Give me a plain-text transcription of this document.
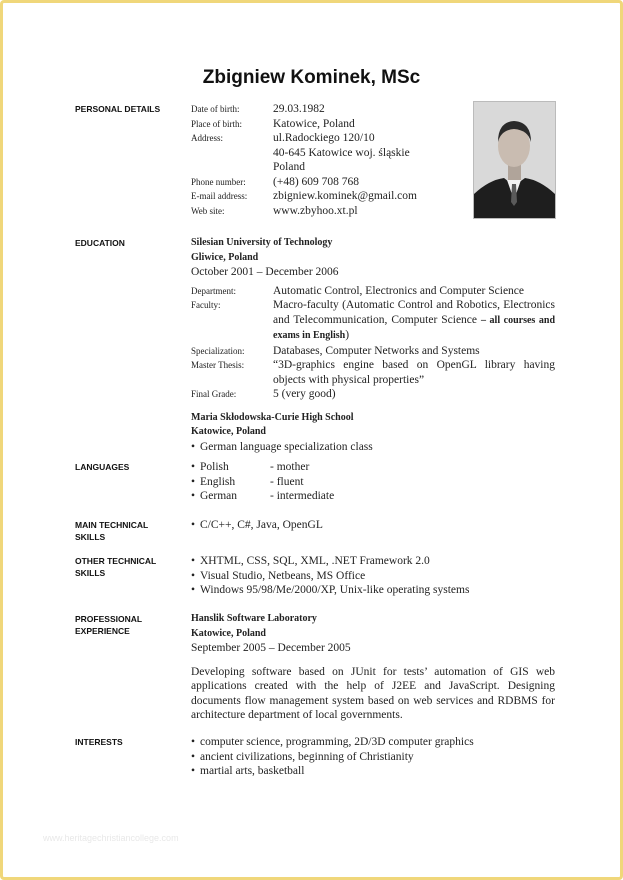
Zbigniew Kominek, MSc
PERSONAL DETAILS	Date of birth:	29.03.1982
Place of birth:	Katowice, Poland
Address:	ul.Radockiego 120/10
40-645 Katowice woj. śląskie
Poland
Phone number:	(+48) 609 708 768
E-mail address:	zbigniew.kominek@gmail.com
Web site:	www.zbyhoo.xt.pl
EDUCATION	Silesian University of Technology
Gliwice, Poland
October 2001 – December 2006
Department:	Automatic Control, Electronics and Computer Science
Faculty:	Macro-faculty (Automatic Control and Robotics, Electronics and Telecommunication, Computer Science – all courses and exams in English)
Specialization:	Databases, Computer Networks and Systems
Master Thesis:	“3D-graphics engine based on OpenGL library having objects with physical properties”
Final Grade:	5 (very good)
Maria Skłodowska-Curie High School
Katowice, Poland
• German language specialization class
LANGUAGES	• Polish	- mother
• English	- fluent
• German	- intermediate
MAIN TECHNICAL
SKILLS
• C/C++, C#, Java, OpenGL
OTHER TECHNICAL
SKILLS
• XHTML, CSS, SQL, XML, .NET Framework 2.0
• Visual Studio, Netbeans, MS Office
• Windows 95/98/Me/2000/XP, Unix-like operating systems
PROFESSIONAL
EXPERIENCE
Hanslik Software Laboratory
Katowice, Poland
September 2005 – December 2005
Developing software based on JUnit for tests’ automation of GIS web applications created with the help of J2EE and JavaScript. Designing documents flow management system based on web services and RDBMS for architecture department of local governments.
INTERESTS	• computer science, programming, 2D/3D computer graphics
• ancient civilizations, beginning of Christianity
• martial arts, basketball
www.heritagechristiancollege.com
